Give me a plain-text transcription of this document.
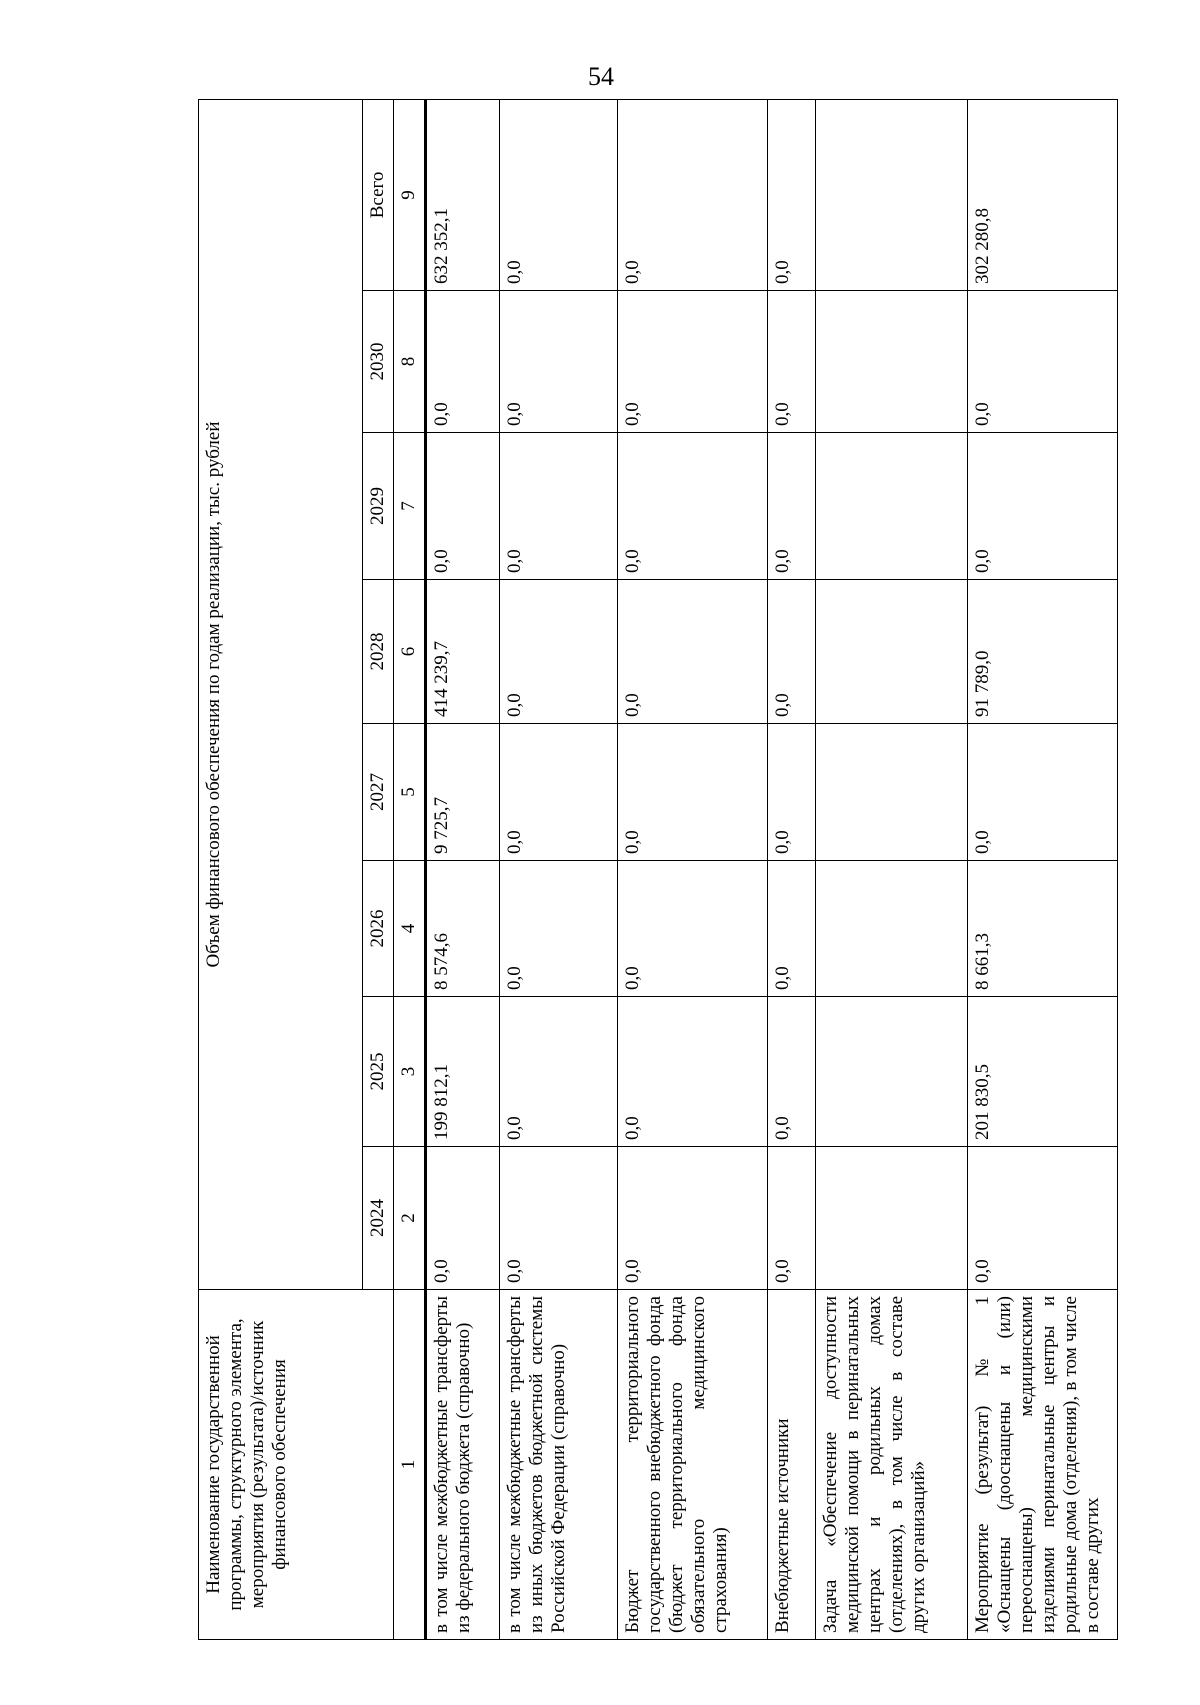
54
Наименование государственной программы, структурного элемента, мероприятия (результата)/источник финансового обеспечения	Объем финансового обеспечения по годам реализации, тыс. рублей							
	2024	2025	2026	2027	2028	2029	2030	Всего
1	2	3	4	5	6	7	8	9
в том числе межбюджетные трансферты из федерального бюджета (справочно)	0,0	199 812,1	8 574,6	9 725,7	414 239,7	0,0	0,0	632 352,1
в том числе межбюджетные трансферты из иных бюджетов бюджетной системы Российской Федерации (справочно)	0,0	0,0	0,0	0,0	0,0	0,0	0,0	0,0
Бюджет территориального государственного внебюджетного фонда (бюджет территориального фонда обязательного медицинского страхования)	0,0	0,0	0,0	0,0	0,0	0,0	0,0	0,0
Внебюджетные источники	0,0	0,0	0,0	0,0	0,0	0,0	0,0	0,0
Задача «Обеспечение доступности медицинской помощи в перинатальных центрах и родильных домах (отделениях), в том числе в составе других организаций»								
Мероприятие (результат) № 1 «Оснащены (дооснащены и (или) переоснащены) медицинскими изделиями перинатальные центры и родильные дома (отделения), в том числе в составе других	0,0	201 830,5	8 661,3	0,0	91 789,0	0,0	0,0	302 280,8
